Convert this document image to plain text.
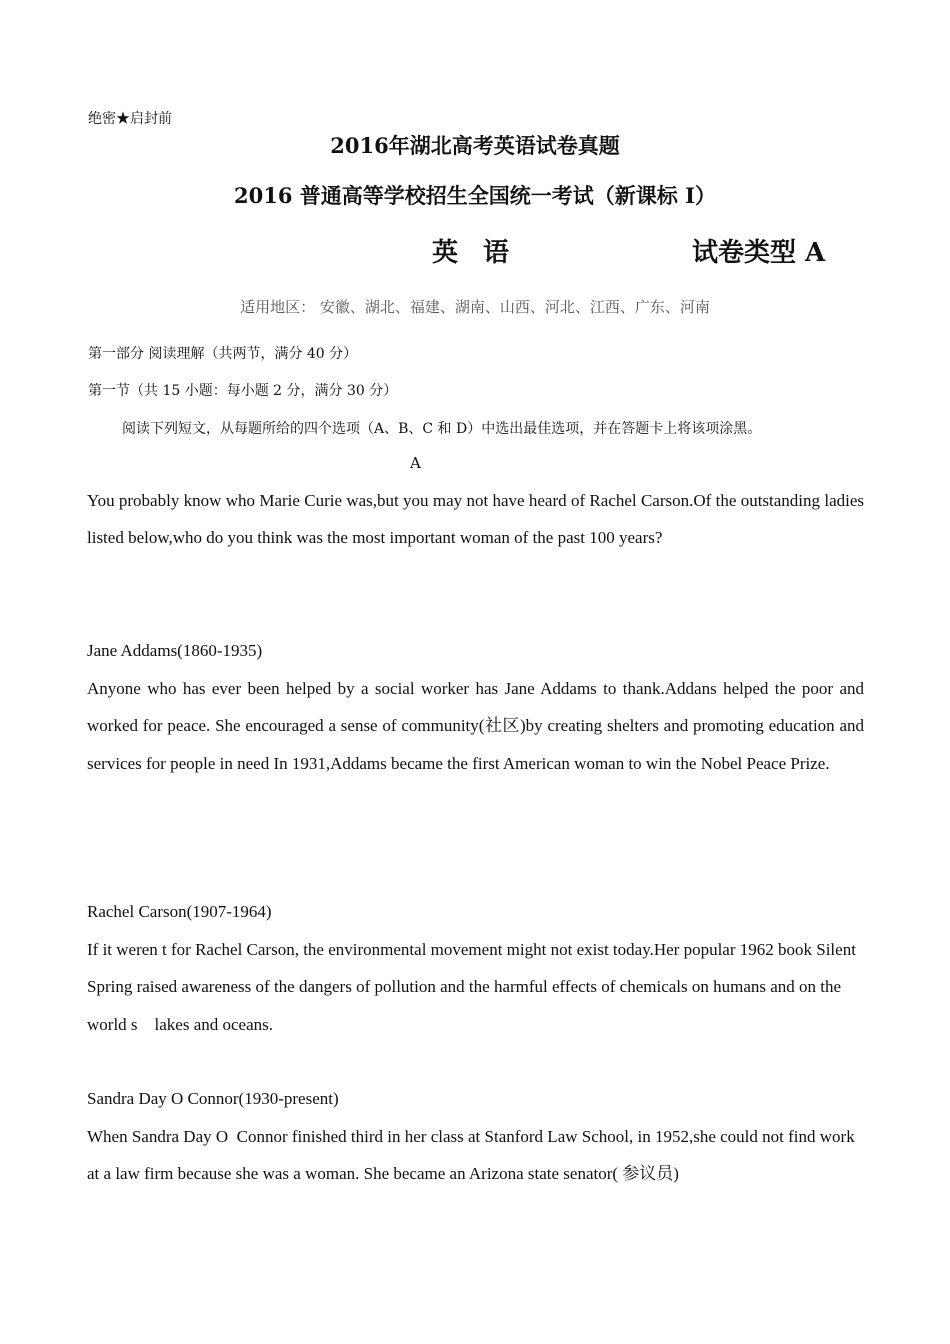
绝密★启封前
2016年湖北高考英语试卷真题
2016 普通高等学校招生全国统一考试（新课标 I）
英 语	试卷类型 A
适用地区： 安徽、湖北、福建、湖南、山西、河北、江西、广东、河南
第一部分 阅读理解（共两节，满分 40 分）
第一节（共 15 小题：每小题 2 分，满分 30 分）
阅读下列短文，从每题所给的四个选项（A、B、C 和 D）中选出最佳选项，并在答题卡上将该项涂黑。
A

You probably know who Marie Curie was,but you may not have heard of Rachel Carson.Of the outstanding ladies listed below,who do you think was the most important woman of the past 100 years?

Jane Addams(1860-1935)

Anyone who has ever been helped by a social worker has Jane Addams to thank.Addans helped the poor and worked for peace. She encouraged a sense of community(社区)by creating shelters and promoting education and services for people in need In 1931,Addams became the first American woman to win the Nobel Peace Prize.

Rachel Carson(1907-1964)

If it weren t for Rachel Carson, the environmental movement might not exist today.Her popular 1962 book Silent Spring raised awareness of the dangers of pollution and the harmful effects of chemicals on humans and on the world s    lakes and oceans.

Sandra Day O Connor(1930-present)

When Sandra Day O  Connor finished third in her class at Stanford Law School, in 1952,she could not find work at a law firm because she was a woman. She became an Arizona state senator( 参议员)
